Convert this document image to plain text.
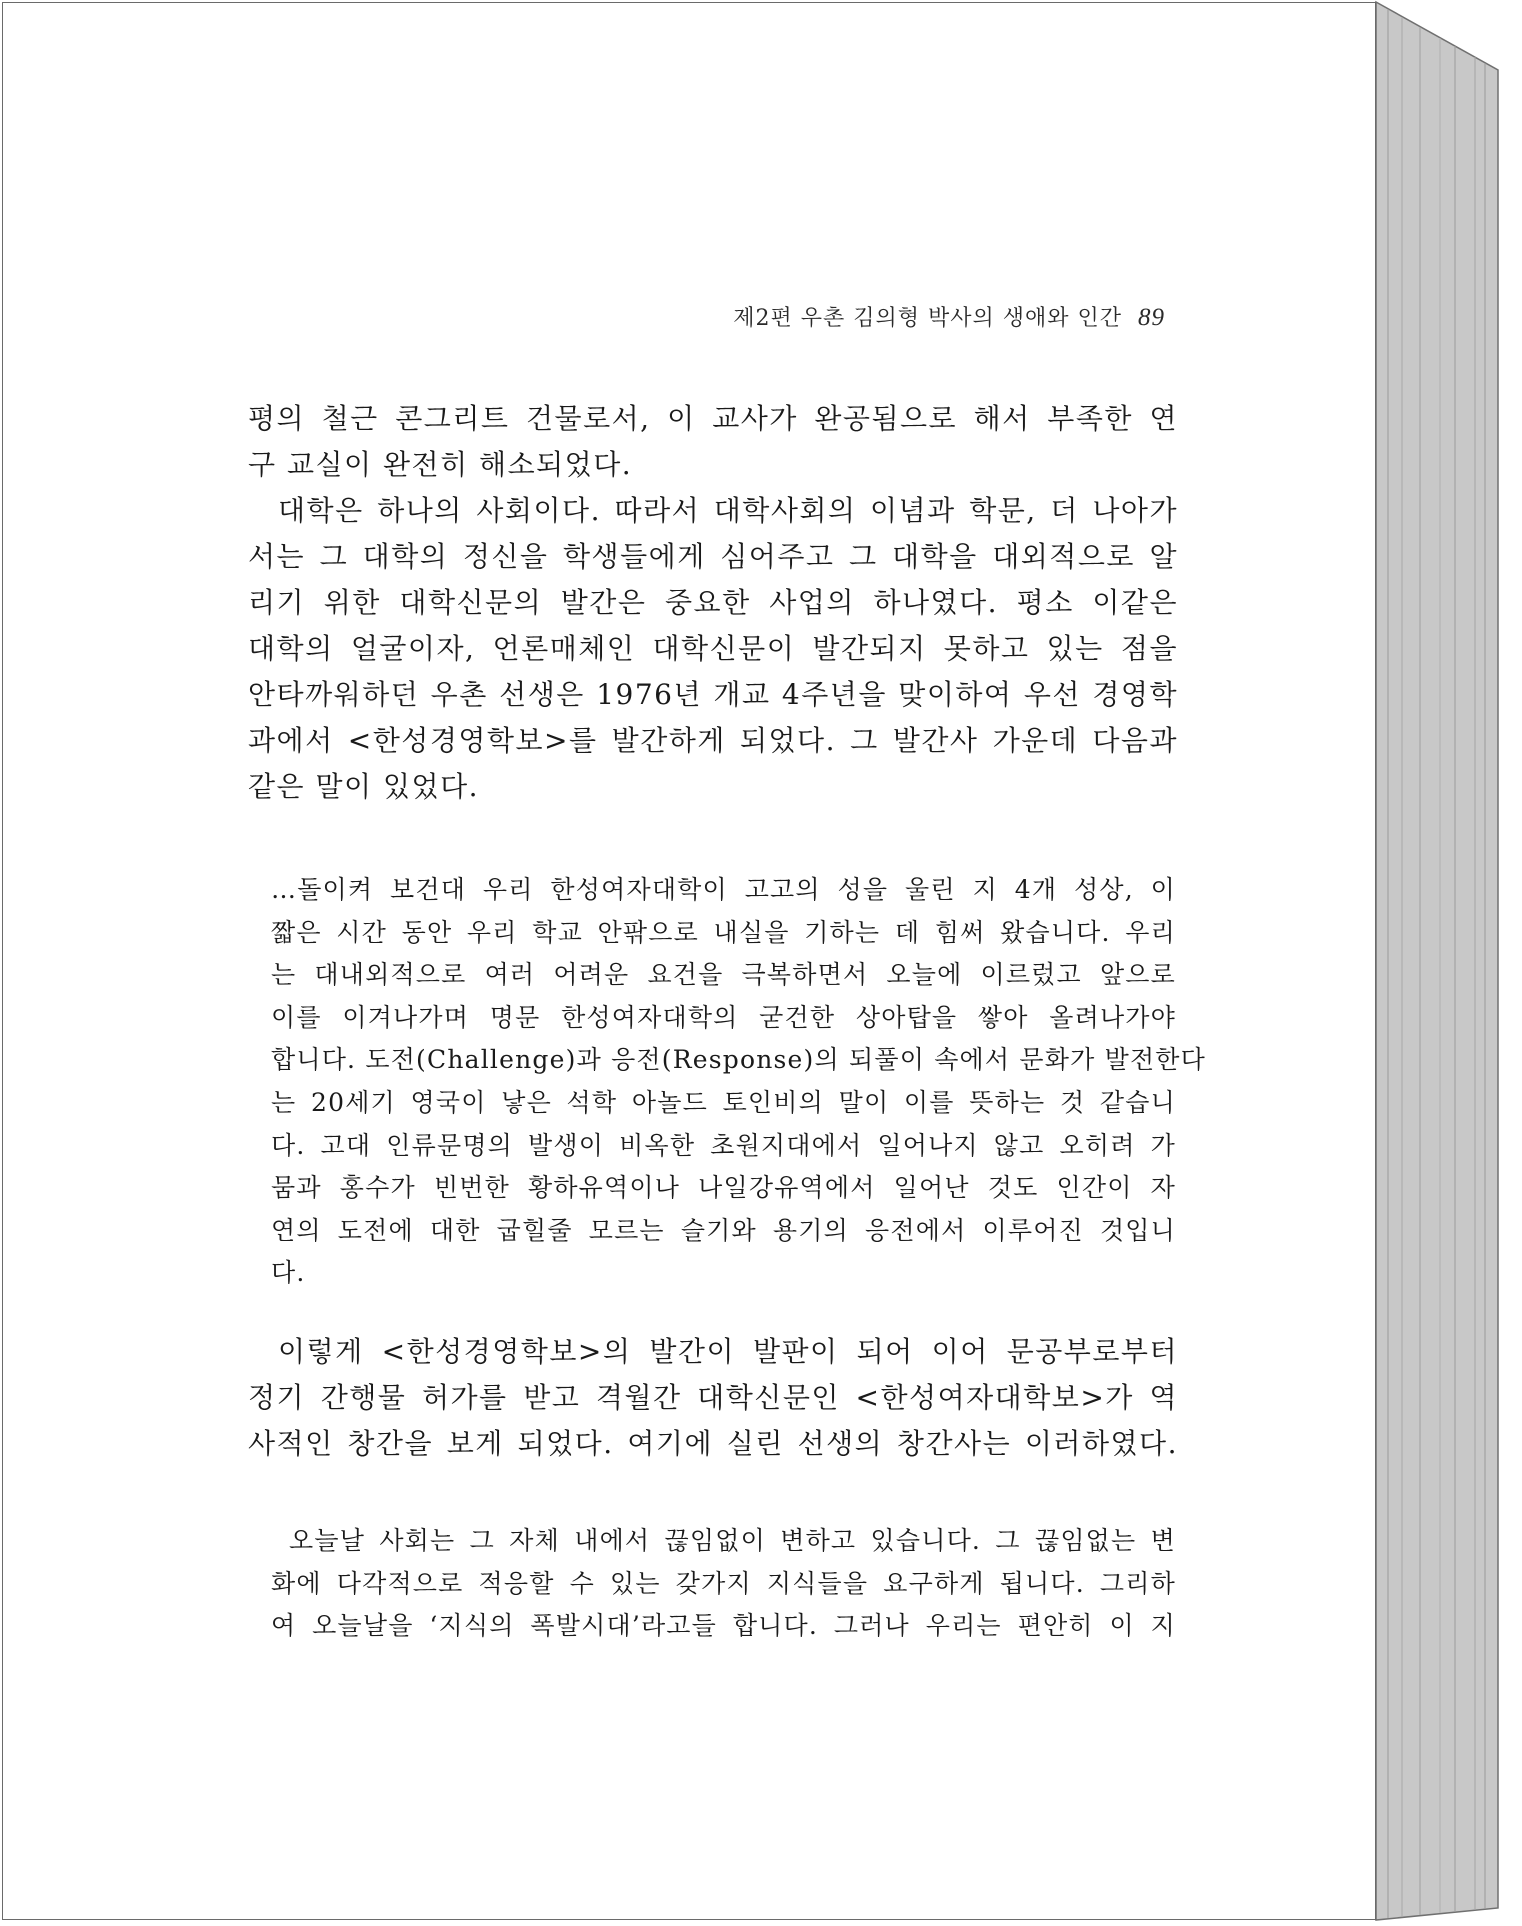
제2편 우촌 김의형 박사의 생애와 인간 89
평의 철근 콘그리트 건물로서, 이 교사가 완공됨으로 해서 부족한 연
구 교실이 완전히 해소되었다.
대학은 하나의 사회이다. 따라서 대학사회의 이념과 학문, 더 나아가
서는 그 대학의 정신을 학생들에게 심어주고 그 대학을 대외적으로 알
리기 위한 대학신문의 발간은 중요한 사업의 하나였다. 평소 이같은
대학의 얼굴이자, 언론매체인 대학신문이 발간되지 못하고 있는 점을
안타까워하던 우촌 선생은 1976년 개교 4주년을 맞이하여 우선 경영학
과에서 <한성경영학보>를 발간하게 되었다. 그 발간사 가운데 다음과
같은 말이 있었다.
…돌이켜 보건대 우리 한성여자대학이 고고의 성을 울린 지 4개 성상, 이
짧은 시간 동안 우리 학교 안팎으로 내실을 기하는 데 힘써 왔습니다. 우리
는 대내외적으로 여러 어려운 요건을 극복하면서 오늘에 이르렀고 앞으로
이를 이겨나가며 명문 한성여자대학의 굳건한 상아탑을 쌓아 올려나가야
합니다. 도전(Challenge)과 응전(Response)의 되풀이 속에서 문화가 발전한다
는 20세기 영국이 낳은 석학 아놀드 토인비의 말이 이를 뜻하는 것 같습니
다. 고대 인류문명의 발생이 비옥한 초원지대에서 일어나지 않고 오히려 가
뭄과 홍수가 빈번한 황하유역이나 나일강유역에서 일어난 것도 인간이 자
연의 도전에 대한 굽힐줄 모르는 슬기와 용기의 응전에서 이루어진 것입니
다.
이렇게 <한성경영학보>의 발간이 발판이 되어 이어 문공부로부터
정기 간행물 허가를 받고 격월간 대학신문인 <한성여자대학보>가 역
사적인 창간을 보게 되었다. 여기에 실린 선생의 창간사는 이러하였다.
오늘날 사회는 그 자체 내에서 끊임없이 변하고 있습니다. 그 끊임없는 변
화에 다각적으로 적응할 수 있는 갖가지 지식들을 요구하게 됩니다. 그리하
여 오늘날을 ‘지식의 폭발시대’라고들 합니다. 그러나 우리는 편안히 이 지
